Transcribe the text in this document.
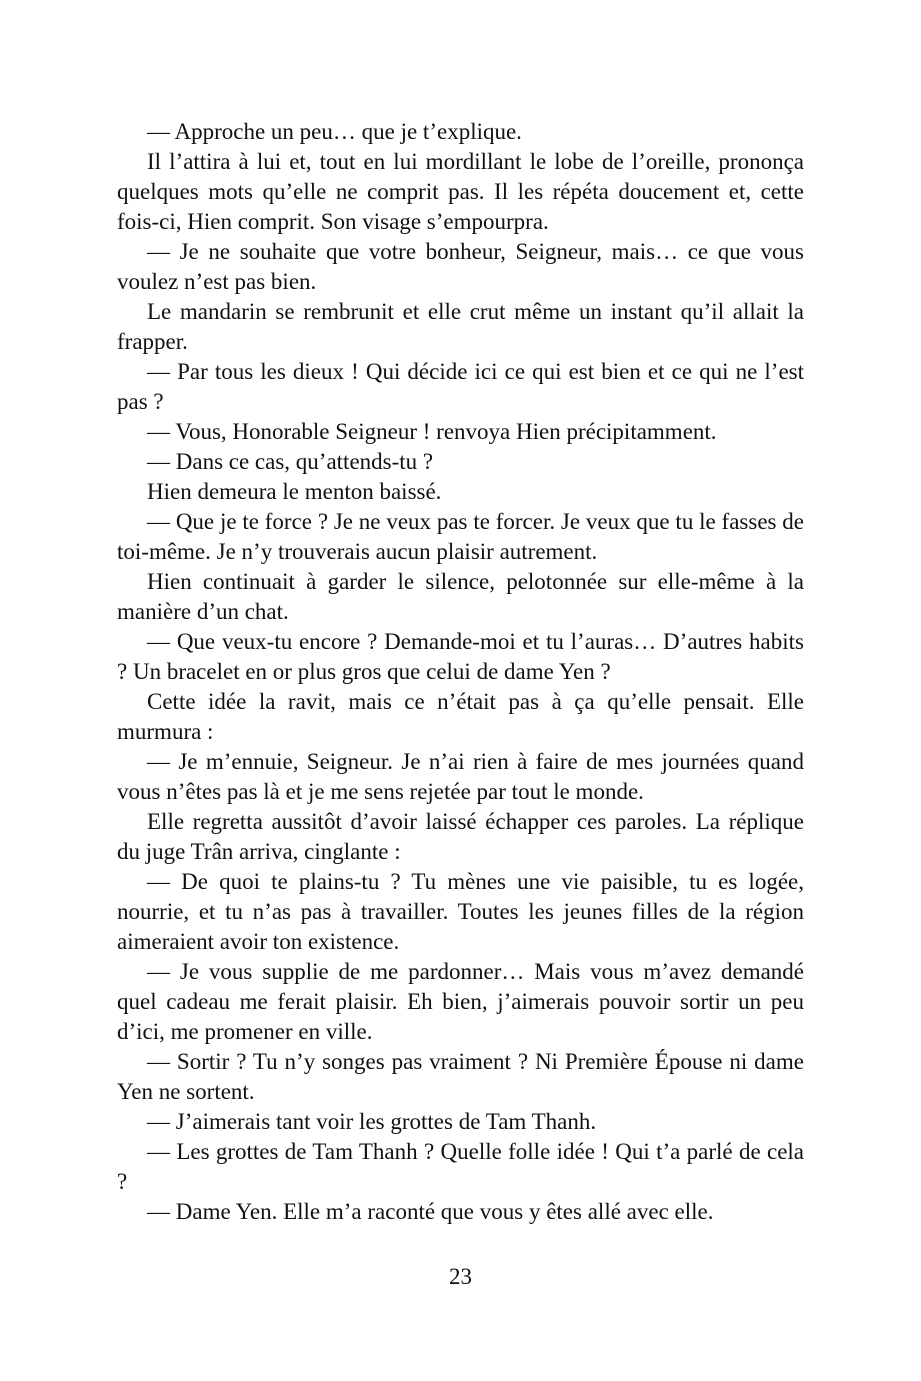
— Approche un peu… que je t’explique.

Il l’attira à lui et, tout en lui mordillant le lobe de l’oreille, prononça quelques mots qu’elle ne comprit pas. Il les répéta doucement et, cette fois-ci, Hien comprit. Son visage s’empourpra.

— Je ne souhaite que votre bonheur, Seigneur, mais… ce que vous voulez n’est pas bien.

Le mandarin se rembrunit et elle crut même un instant qu’il allait la frapper.

— Par tous les dieux ! Qui décide ici ce qui est bien et ce qui ne l’est pas ?

— Vous, Honorable Seigneur ! renvoya Hien précipitamment.

— Dans ce cas, qu’attends-tu ?

Hien demeura le menton baissé.

— Que je te force ? Je ne veux pas te forcer. Je veux que tu le fasses de toi-même. Je n’y trouverais aucun plaisir autrement.

Hien continuait à garder le silence, pelotonnée sur elle-même à la manière d’un chat.

— Que veux-tu encore ? Demande-moi et tu l’auras… D’autres habits ? Un bracelet en or plus gros que celui de dame Yen ?

Cette idée la ravit, mais ce n’était pas à ça qu’elle pensait. Elle murmura :

— Je m’ennuie, Seigneur. Je n’ai rien à faire de mes journées quand vous n’êtes pas là et je me sens rejetée par tout le monde.

Elle regretta aussitôt d’avoir laissé échapper ces paroles. La réplique du juge Trân arriva, cinglante :

— De quoi te plains-tu ? Tu mènes une vie paisible, tu es logée, nourrie, et tu n’as pas à travailler. Toutes les jeunes filles de la région aimeraient avoir ton existence.

— Je vous supplie de me pardonner… Mais vous m’avez demandé quel cadeau me ferait plaisir. Eh bien, j’aimerais pouvoir sortir un peu d’ici, me promener en ville.

— Sortir ? Tu n’y songes pas vraiment ? Ni Première Épouse ni dame Yen ne sortent.

— J’aimerais tant voir les grottes de Tam Thanh.

— Les grottes de Tam Thanh ? Quelle folle idée ! Qui t’a parlé de cela ?

— Dame Yen. Elle m’a raconté que vous y êtes allé avec elle.

23
